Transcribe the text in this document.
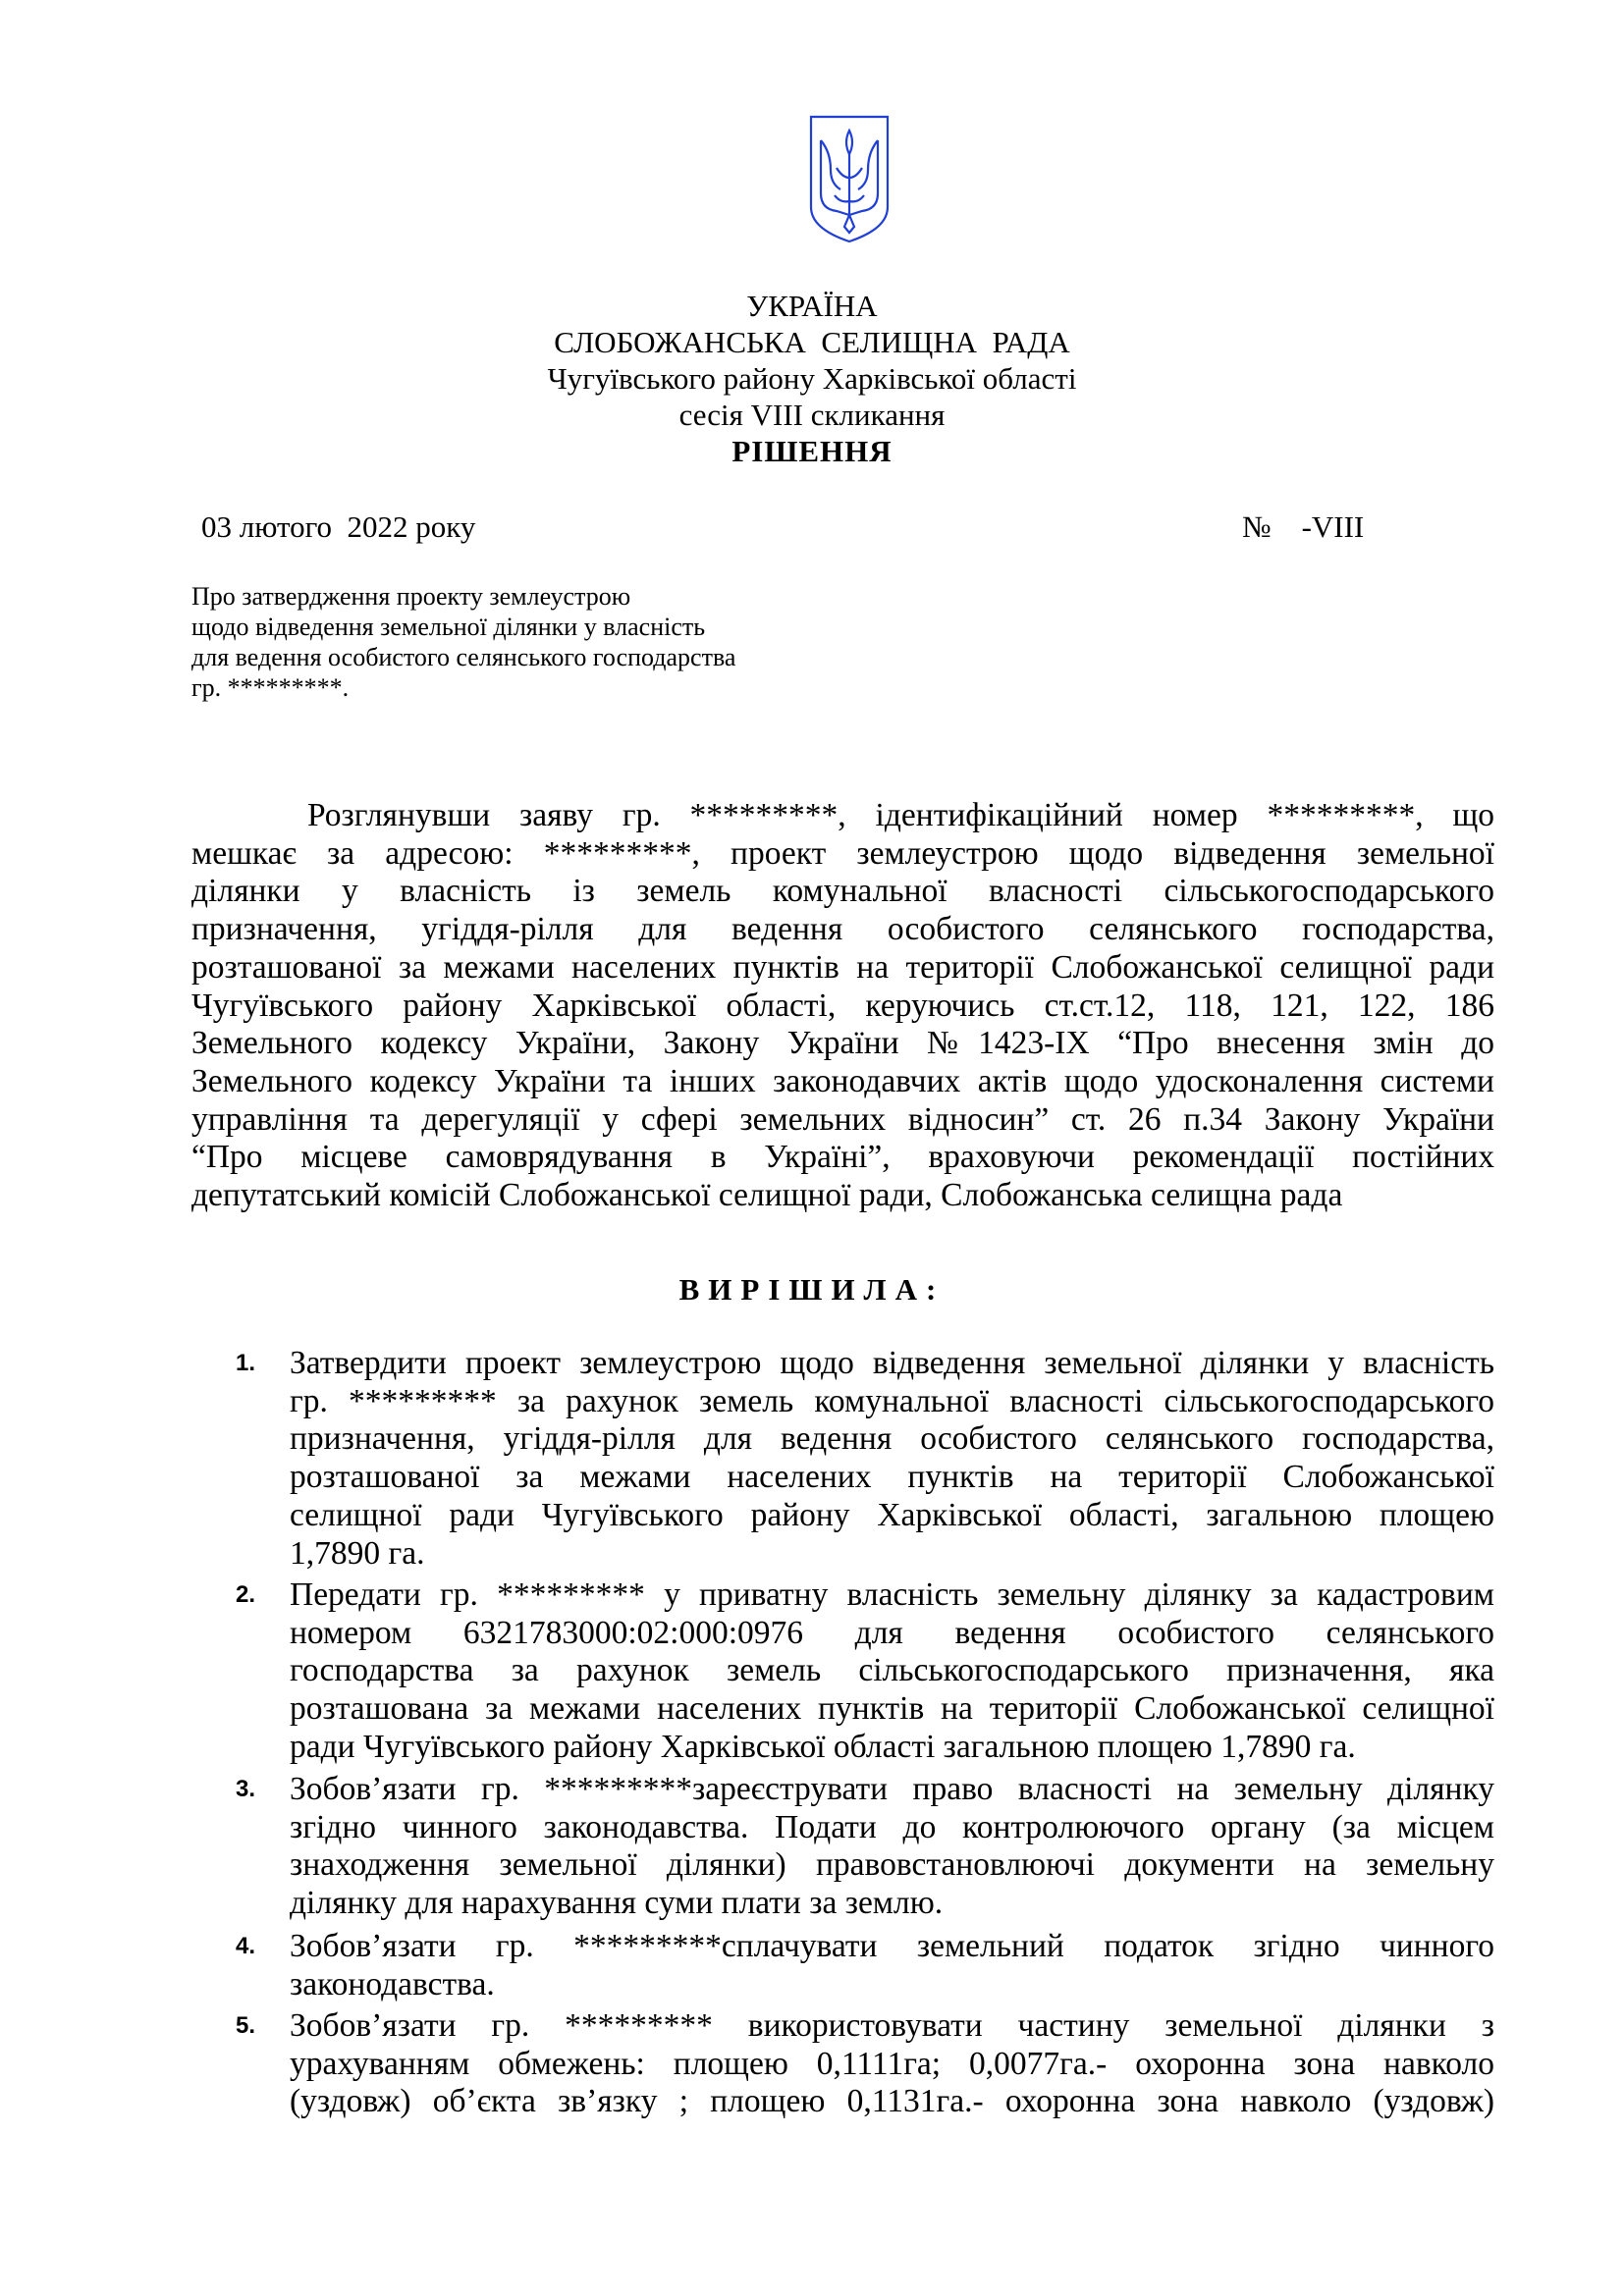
УКРАЇНА
СЛОБОЖАНСЬКА  СЕЛИЩНА  РАДА
Чугуївського району Харківської області
сесія VIII скликання
РІШЕННЯ
03 лютого  2022 року	№    -VIII
Про затвердження проекту землеустрою
щодо відведення земельної ділянки у власність
для ведення особистого селянського господарства
гр. *********.
Розглянувши заяву гр. *********, ідентифікаційний номер *********, що
мешкає за адресою: *********, проект землеустрою щодо відведення земельної
ділянки у власність із земель комунальної власності сільськогосподарського
призначення, угіддя-рілля для ведення особистого селянського господарства,
розташованої за межами населених пунктів на території Слобожанської селищної ради
Чугуївського району Харківської області, керуючись ст.ст.12, 118, 121, 122, 186
Земельного кодексу України, Закону України №1423-IX “Про внесення змін до
Земельного кодексу України та інших законодавчих актів щодо удосконалення системи
управління та дерегуляції у сфері земельних відносин” ст. 26 п.34 Закону України
“Про місцеве самоврядування в Україні”, враховуючи рекомендації постійних
депутатський комісій Слобожанської селищної ради, Слобожанська селищна рада
ВИРІШИЛА:
1. Затвердити проект землеустрою щодо відведення земельної ділянки у власність
гр. ********* за рахунок земель комунальної власності сільськогосподарського
призначення, угіддя-рілля для ведення особистого селянського господарства,
розташованої за межами населених пунктів на території Слобожанської
селищної ради Чугуївського району Харківської області, загальною площею
1,7890 га.
2. Передати гр. ********* у приватну власність земельну ділянку за кадастровим
номером 6321783000:02:000:0976 для ведення особистого селянського
господарства за рахунок земель сільськогосподарського призначення, яка
розташована за межами населених пунктів на території Слобожанської селищної
ради Чугуївського району Харківської області загальною площею 1,7890 га.
3. Зобов’язати гр. *********зареєструвати право власності на земельну ділянку
згідно чинного законодавства. Подати до контролюючого органу (за місцем
знаходження земельної ділянки) правовстановлюючі документи на земельну
ділянку для нарахування суми плати за землю.
4. Зобов’язати гр. *********сплачувати земельний податок згідно чинного
законодавства.
5. Зобов’язати гр. ********* використовувати частину земельної ділянки з
урахуванням обмежень: площею 0,1111га; 0,0077га.- охоронна зона навколо
(уздовж) об’єкта зв’язку ; площею 0,1131га.- охоронна зона навколо (уздовж)
